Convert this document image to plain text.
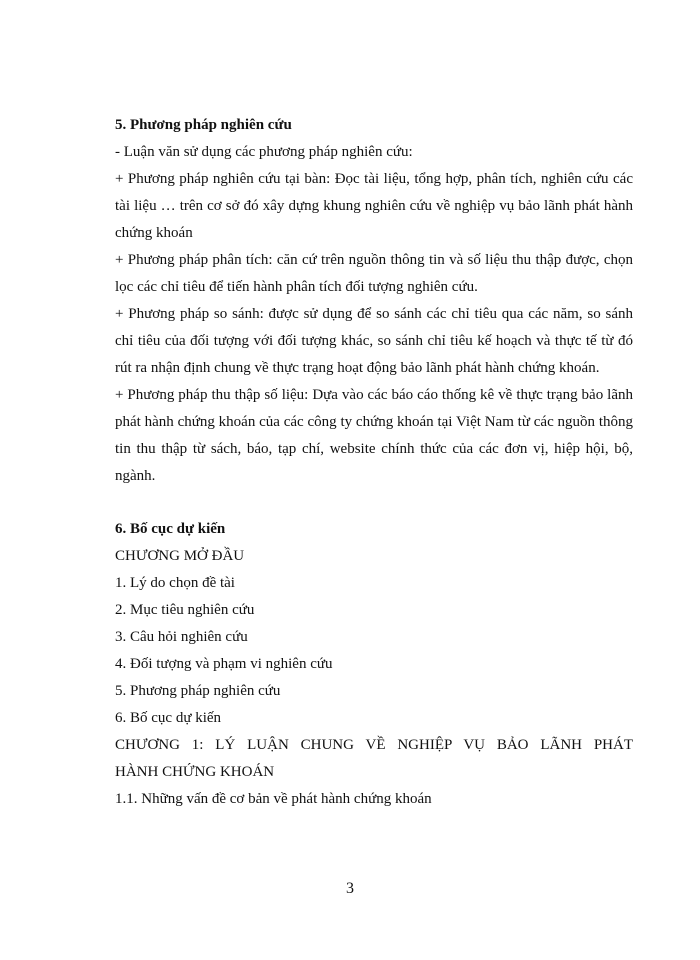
5. Phương pháp nghiên cứu

- Luận văn sử dụng các phương pháp nghiên cứu:

+ Phương pháp nghiên cứu tại bàn: Đọc tài liệu, tổng hợp, phân tích, nghiên cứu các tài liệu … trên cơ sở đó xây dựng khung nghiên cứu về nghiệp vụ bảo lãnh phát hành chứng khoán

+ Phương pháp phân tích: căn cứ trên nguồn thông tin và số liệu thu thập được, chọn lọc các chỉ tiêu để tiến hành phân tích đối tượng nghiên cứu.

+ Phương pháp so sánh: được sử dụng để so sánh các chỉ tiêu qua các năm, so sánh chỉ tiêu của đối tượng với đối tượng khác, so sánh chỉ tiêu kế hoạch và thực tế từ đó rút ra nhận định chung về thực trạng hoạt động bảo lãnh phát hành chứng khoán.

+ Phương pháp thu thập số liệu: Dựa vào các báo cáo thống kê về thực trạng bảo lãnh phát hành chứng khoán của các công ty chứng khoán tại Việt Nam từ các nguồn thông tin thu thập từ sách, báo, tạp chí, website chính thức của các đơn vị, hiệp hội, bộ, ngành.

6. Bố cục dự kiến

CHƯƠNG MỞ ĐẦU

1. Lý do chọn đề tài

2. Mục tiêu nghiên cứu

3. Câu hỏi nghiên cứu

4. Đối tượng và phạm vi nghiên cứu

5. Phương pháp nghiên cứu

6. Bố cục dự kiến

CHƯƠNG 1: LÝ LUẬN CHUNG VỀ NGHIỆP VỤ BẢO LÃNH PHÁT

HÀNH CHỨNG KHOÁN

1.1. Những vấn đề cơ bản về phát hành chứng khoán

3
